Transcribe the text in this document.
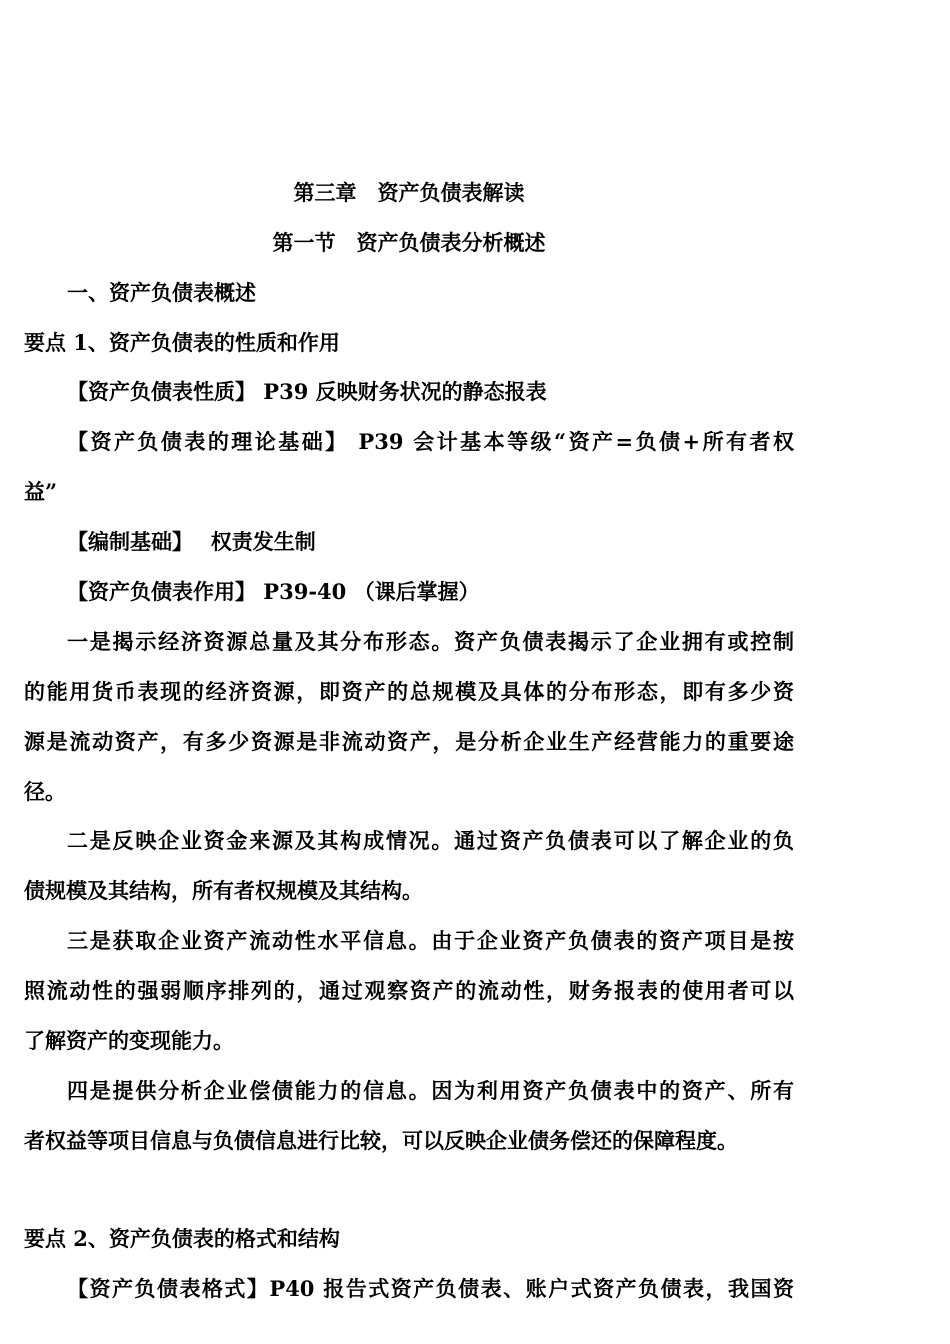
第三章　资产负债表解读
第一节　资产负债表分析概述
一、资产负债表概述
要点 1、资产负债表的性质和作用
【资产负债表性质】 P39 反映财务状况的静态报表
【资产负债表的理论基础】 P39 会计基本等级“资产=负债+所有者权
益”
【编制基础】　 权责发生制
【资产负债表作用】 P39-40 （课后掌握）
一是揭示经济资源总量及其分布形态。资产负债表揭示了企业拥有或控制
的能用货币表现的经济资源，即资产的总规模及具体的分布形态，即有多少资
源是流动资产，有多少资源是非流动资产，是分析企业生产经营能力的重要途
径。
二是反映企业资金来源及其构成情况。通过资产负债表可以了解企业的负
债规模及其结构，所有者权规模及其结构。
三是获取企业资产流动性水平信息。由于企业资产负债表的资产项目是按
照流动性的强弱顺序排列的，通过观察资产的流动性，财务报表的使用者可以
了解资产的变现能力。
四是提供分析企业偿债能力的信息。因为利用资产负债表中的资产、所有
者权益等项目信息与负债信息进行比较，可以反映企业债务偿还的保障程度。
要点 2、资产负债表的格式和结构
【资产负债表格式】P40 报告式资产负债表、账户式资产负债表，我国资
